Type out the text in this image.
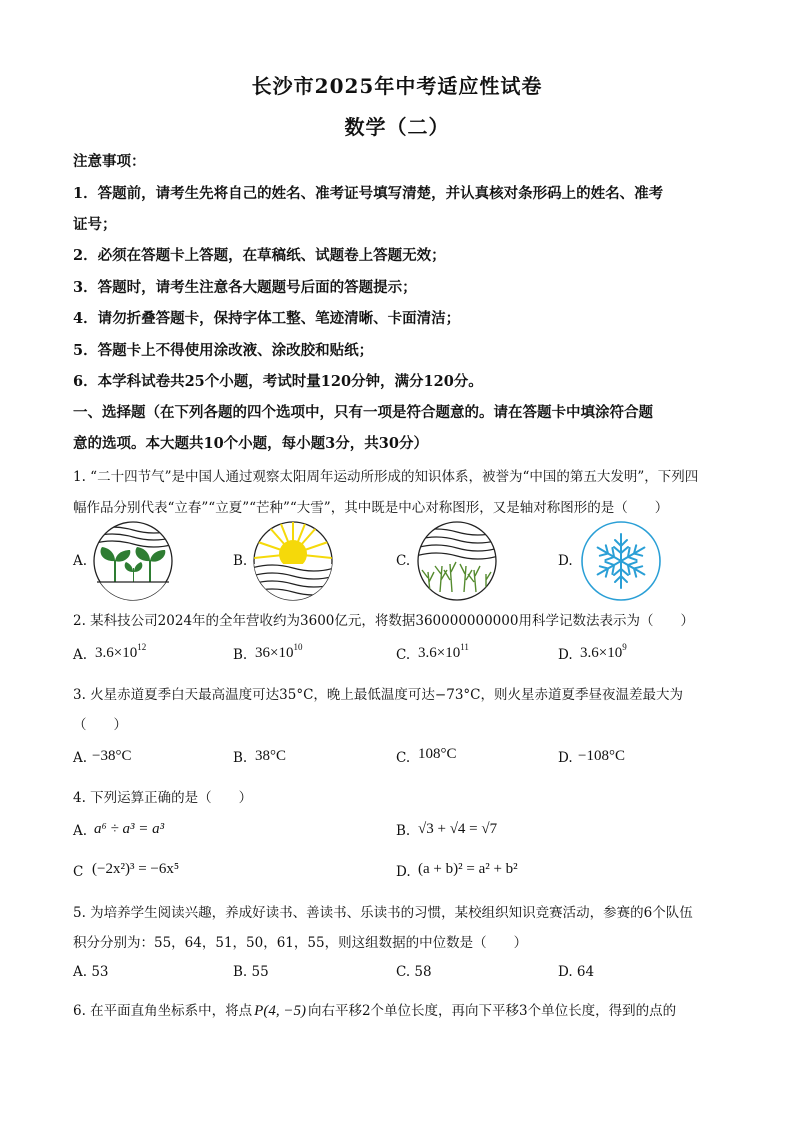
长沙市2025年中考适应性试卷
数学（二）
注意事项：
1．答题前，请考生先将自己的姓名、准考证号填写清楚，并认真核对条形码上的姓名、准考
证号；
2．必须在答题卡上答题，在草稿纸、试题卷上答题无效；
3．答题时，请考生注意各大题题号后面的答题提示；
4．请勿折叠答题卡，保持字体工整、笔迹清晰、卡面清洁；
5．答题卡上不得使用涂改液、涂改胶和贴纸；
6．本学科试卷共25个小题，考试时量120分钟，满分120分。
一、选择题（在下列各题的四个选项中，只有一项是符合题意的。请在答题卡中填涂符合题
意的选项。本大题共10个小题，每小题3分，共30分）
1. “二十四节气”是中国人通过观察太阳周年运动所形成的知识体系，被誉为“中国的第五大发明”，下列四
幅作品分别代表“立春”“立夏”“芒种”“大雪”，其中既是中心对称图形，又是轴对称图形的是（　　）
A.	B.	C.	D.
2. 某科技公司2024年的全年营收约为3600亿元，将数据360000000000用科学记数法表示为（　　）
A. $3.6\times 10^{12}$	B. $36\times 10^{10}$	C. $3.6\times 10^{11}$	D. $3.6\times 10^9$
3. 火星赤道夏季白天最高温度可达35°C，晚上最低温度可达−73°C，则火星赤道夏季昼夜温差最大为
（　　）
A. −38°C	B. 38°C	C. 108°C	D. −108°C
4. 下列运算正确的是（　　）
A. a⁶ ÷ a³ = a³	B. √3 + √4 = √7
C (−2x²)³ = −6x⁵	D. (a + b)² = a² + b²
5. 为培养学生阅读兴趣，养成好读书、善读书、乐读书的习惯，某校组织知识竞赛活动，参赛的6个队伍
积分分别为：55，64，51，50，61，55，则这组数据的中位数是（　　）
A. 53	B. 55	C. 58	D. 64
6. 在平面直角坐标系中，将点 P(4, −5) 向右平移2个单位长度，再向下平移3个单位长度，得到的点的
